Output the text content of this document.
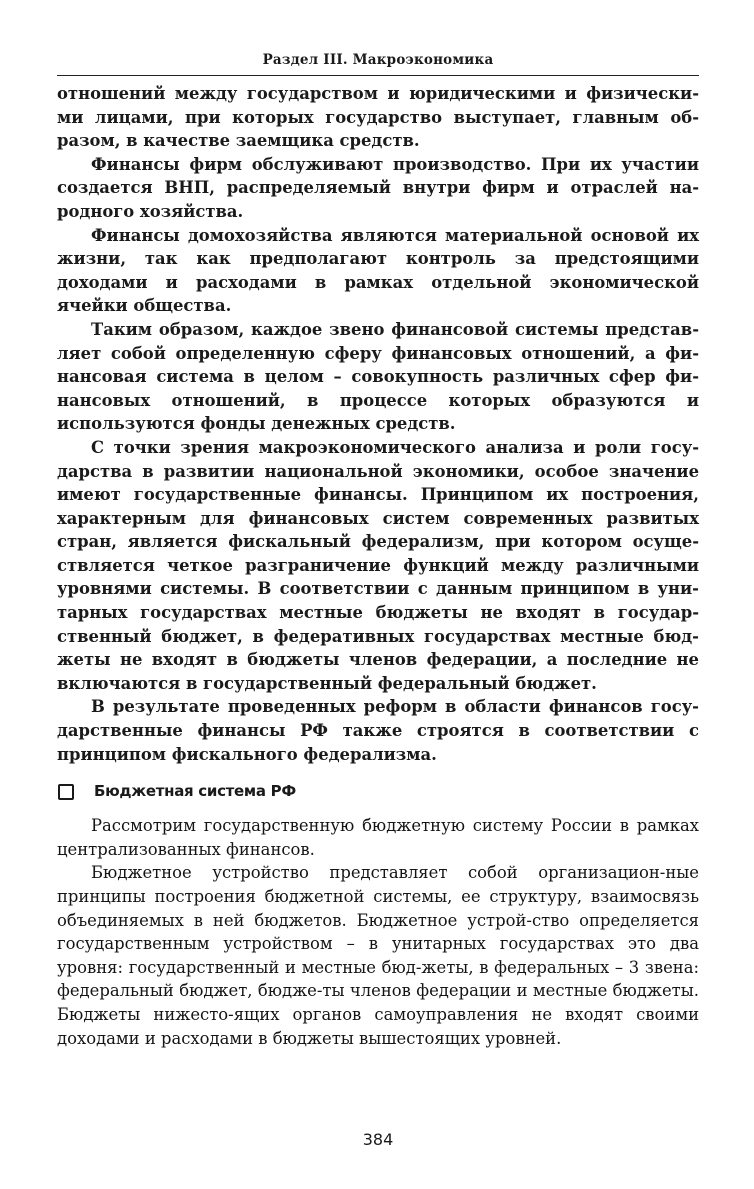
Раздел III. Макроэкономика

отношений между государством и юридическими и физически-ми лицами, при которых государство выступает, главным об-разом, в качестве заемщика средств.

Финансы фирм обслуживают производство. При их участии создается ВНП, распределяемый внутри фирм и отраслей на-родного хозяйства.

Финансы домохозяйства являются материальной основой их жизни, так как предполагают контроль за предстоящими доходами и расходами в рамках отдельной экономической ячейки общества.

Таким образом, каждое звено финансовой системы представ-ляет собой определенную сферу финансовых отношений, а фи-нансовая система в целом – совокупность различных сфер фи-нансовых отношений, в процессе которых образуются и используются фонды денежных средств.

С точки зрения макроэкономического анализа и роли госу-дарства в развитии национальной экономики, особое значение имеют государственные финансы. Принципом их построения, характерным для финансовых систем современных развитых стран, является фискальный федерализм, при котором осуще-ствляется четкое разграничение функций между различными уровнями системы. В соответствии с данным принципом в уни-тарных государствах местные бюджеты не входят в государ-ственный бюджет, в федеративных государствах местные бюд-жеты не входят в бюджеты членов федерации, а последние не включаются в государственный федеральный бюджет.

В результате проведенных реформ в области финансов госу-дарственные финансы РФ также строятся в соответствии с принципом фискального федерализма.

Бюджетная система РФ

Рассмотрим государственную бюджетную систему России в рамках централизованных финансов.

Бюджетное устройство представляет собой организацион-ные принципы построения бюджетной системы, ее структуру, взаимосвязь объединяемых в ней бюджетов. Бюджетное устрой-ство определяется государственным устройством – в унитарных государствах это два уровня: государственный и местные бюд-жеты, в федеральных – 3 звена: федеральный бюджет, бюдже-ты членов федерации и местные бюджеты. Бюджеты нижесто-ящих органов самоуправления не входят своими доходами и расходами в бюджеты вышестоящих уровней.

384
